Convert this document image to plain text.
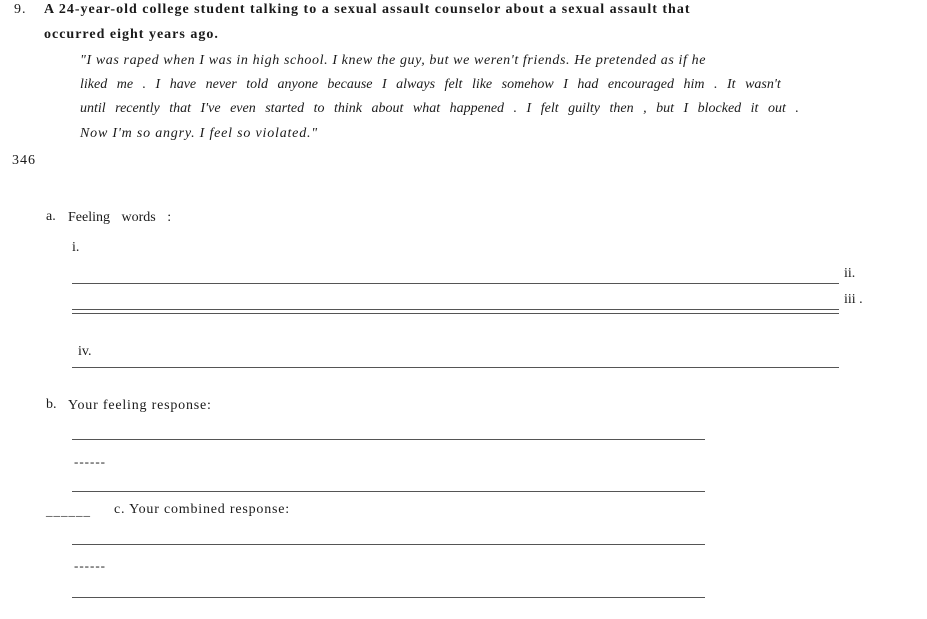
9. A 24-year-old college student talking to a sexual assault counselor about a sexual assault that
occurred eight years ago.
"I was raped when I was in high school. I knew the guy, but we weren't friends. He pretended as if he
liked me . I have never told anyone because I always felt like somehow I had encouraged him . It wasn't
until recently that I've even started to think about what happened . I felt guilty then , but I blocked it out .
Now I'm so angry. I feel so violated."
346
a. Feeling words :
i.
ii.
iii .
iv.
b. Your feeling response:
------
______ c. Your combined response:
------
